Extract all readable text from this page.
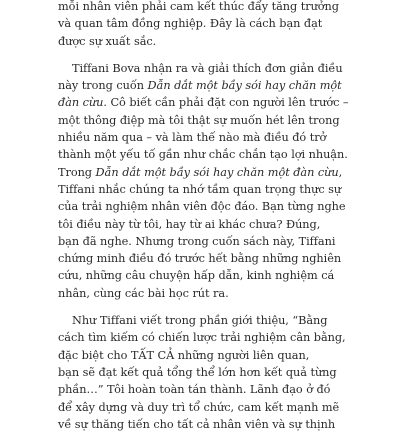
mỗi nhân viên phải cam kết thúc đẩy tăng trưởng
và quan tâm đồng nghiệp. Đây là cách bạn đạt
được sự xuất sắc.
Tiffani Bova nhận ra và giải thích đơn giản điều
này trong cuốn Dẫn dắt một bầy sói hay chăn một
đàn cừu. Cô biết cần phải đặt con người lên trước –
một thông điệp mà tôi thật sự muốn hét lên trong
nhiều năm qua – và làm thế nào mà điều đó trở
thành một yếu tố gần như chắc chắn tạo lợi nhuận.
Trong Dẫn dắt một bầy sói hay chăn một đàn cừu,
Tiffani nhắc chúng ta nhớ tầm quan trọng thực sự
của trải nghiệm nhân viên độc đáo. Bạn từng nghe
tôi điều này từ tôi, hay từ ai khác chưa? Đúng,
bạn đã nghe. Nhưng trong cuốn sách này, Tiffani
chứng minh điều đó trước hết bằng những nghiên
cứu, những câu chuyện hấp dẫn, kinh nghiệm cá
nhân, cùng các bài học rút ra.
Như Tiffani viết trong phần giới thiệu, “Bằng
cách tìm kiếm có chiến lược trải nghiệm cân bằng,
đặc biệt cho TẤT CẢ những người liên quan,
bạn sẽ đạt kết quả tổng thể lớn hơn kết quả từng
phần…” Tôi hoàn toàn tán thành. Lãnh đạo ở đó
để xây dựng và duy trì tổ chức, cam kết mạnh mẽ
về sự thăng tiến cho tất cả nhân viên và sự thịnh
